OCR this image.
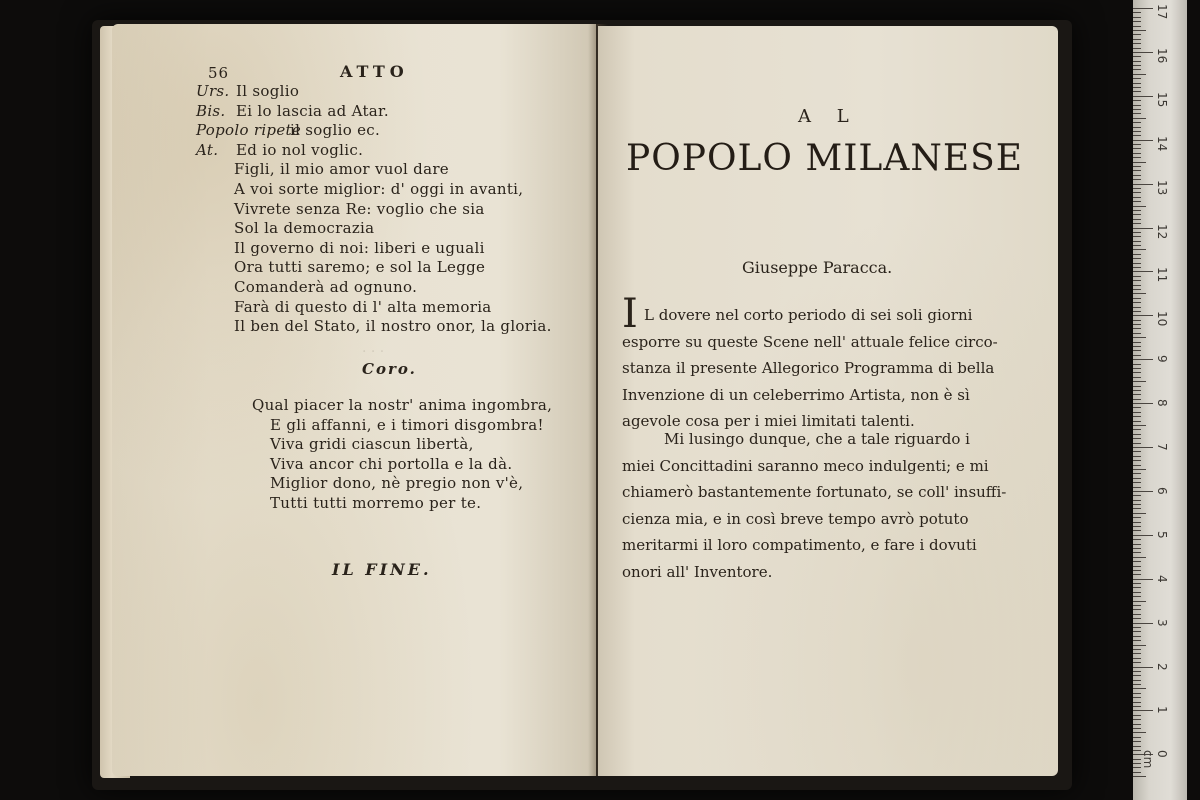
· · ·
56	ATTO
Urs. Il soglio
Bis. Ei lo lascia ad Atar.
Popolo ripete
il soglio ec.
At. Ed io nol voglic.
Figli, il mio amor vuol dare
A voi sorte miglior: d' oggi in avanti,
Vivrete senza Re: voglio che sia
Sol la democrazia
Il governo di noi: liberi e uguali
Ora tutti saremo; e sol la Legge
Comanderà ad ognuno.
Farà di questo di l' alta memoria
Il ben del Stato, il nostro onor, la gloria.
Coro.
Qual piacer la nostr' anima ingombra,
E gli affanni, e i timori disgombra!
Viva gridi ciascun libertà,
Viva ancor chi portolla e la dà.
Miglior dono, nè pregio non v'è,
Tutti tutti morremo per te.
IL FINE.
A L
POPOLO MILANESE
Giuseppe Paracca.
I L dovere nel corto periodo di sei soli giorni
esporre su queste Scene nell' attuale felice circo-
stanza il presente Allegorico Programma di bella
Invenzione di un celeberrimo Artista, non è sì
agevole cosa per i miei limitati talenti.
Mi lusingo dunque, che a tale riguardo i
miei Concittadini saranno meco indulgenti; e mi
chiamerò bastantemente fortunato, se coll' insuffi-
cienza mia, e in così breve tempo avrò potuto
meritarmi il loro compatimento, e fare i dovuti
onori all' Inventore.
17
16
15
14
13
12
11
10
9
8
7
6
5
4
3
2
1
0 cm
